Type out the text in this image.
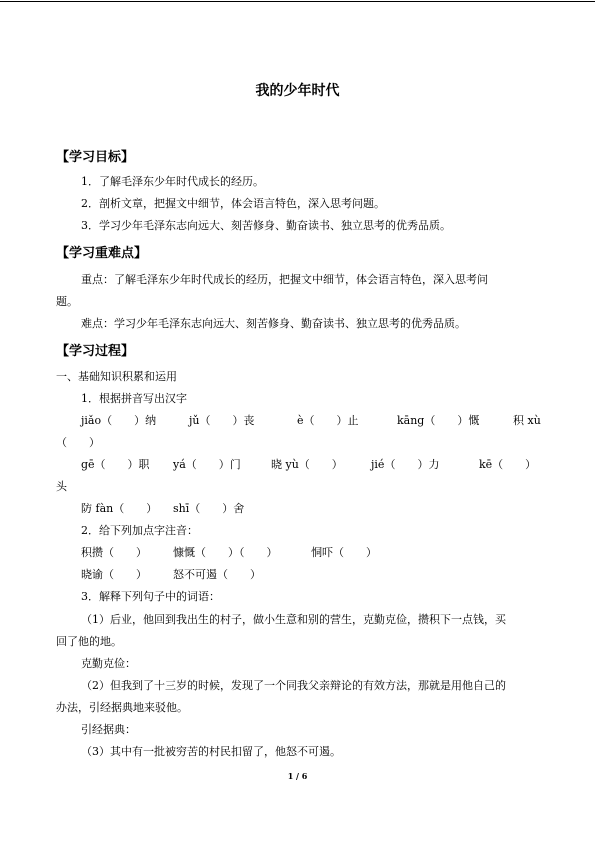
我的少年时代
【学习目标】
1．了解毛泽东少年时代成长的经历。
2．剖析文章，把握文中细节，体会语言特色，深入思考问题。
3．学习少年毛泽东志向远大、刻苦修身、勤奋读书、独立思考的优秀品质。
【学习重难点】
重点：了解毛泽东少年时代成长的经历，把握文中细节，体会语言特色，深入思考问
题。
难点：学习少年毛泽东志向远大、刻苦修身、勤奋读书、独立思考的优秀品质。
【学习过程】
一、基础知识积累和运用
1．根据拼音写出汉字
jiǎo（　　）纳	jǔ（　　）丧	è（　　）止	kāng（　　）慨	积 xù
（　　）
gē（　　）职 yá（　　）门	晓 yù（　　）	jié（　　）力	kē（　　）
头
防 fàn（　　） shī（　　）舍
2．给下列加点字注音：
积攒（　　） 慷慨（　　）（　　）	恫吓（　　）
晓谕（　　） 怒不可遏（　　）
3．解释下列句子中的词语：
（1）后业，他回到我出生的村子，做小生意和别的营生，克勤克俭，攒积下一点钱，买
回了他的地。
克勤克俭：
（2）但我到了十三岁的时候，发现了一个同我父亲辩论的有效方法，那就是用他自己的
办法，引经据典地来驳他。
引经据典：
（3）其中有一批被穷苦的村民扣留了，他怒不可遏。
1 / 6
